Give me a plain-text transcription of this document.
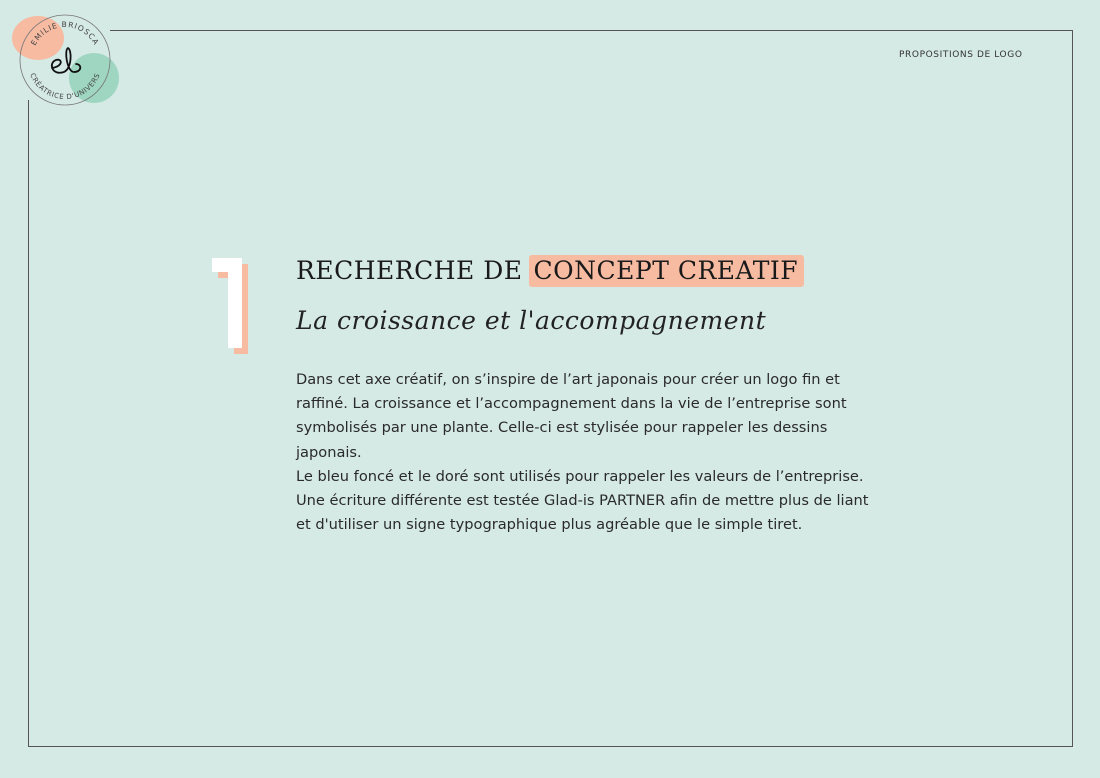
EMILIE BRIOSCA
CRÉATRICE D'UNIVERS
PROPOSITIONS DE LOGO
RECHERCHE DE CONCEPT CREATIF
La croissance et l'accompagnement

Dans cet axe créatif, on s’inspire de l’art japonais pour créer un logo fin et raffiné. La croissance et l’accompagnement dans la vie de l’entreprise sont symbolisés par une plante. Celle-ci est stylisée pour rappeler les dessins japonais.

Le bleu foncé et le doré sont utilisés pour rappeler les valeurs de l’entreprise. Une écriture différente est testée Glad-is PARTNER afin de mettre plus de liant et d'utiliser un signe typographique plus agréable que le simple tiret.
